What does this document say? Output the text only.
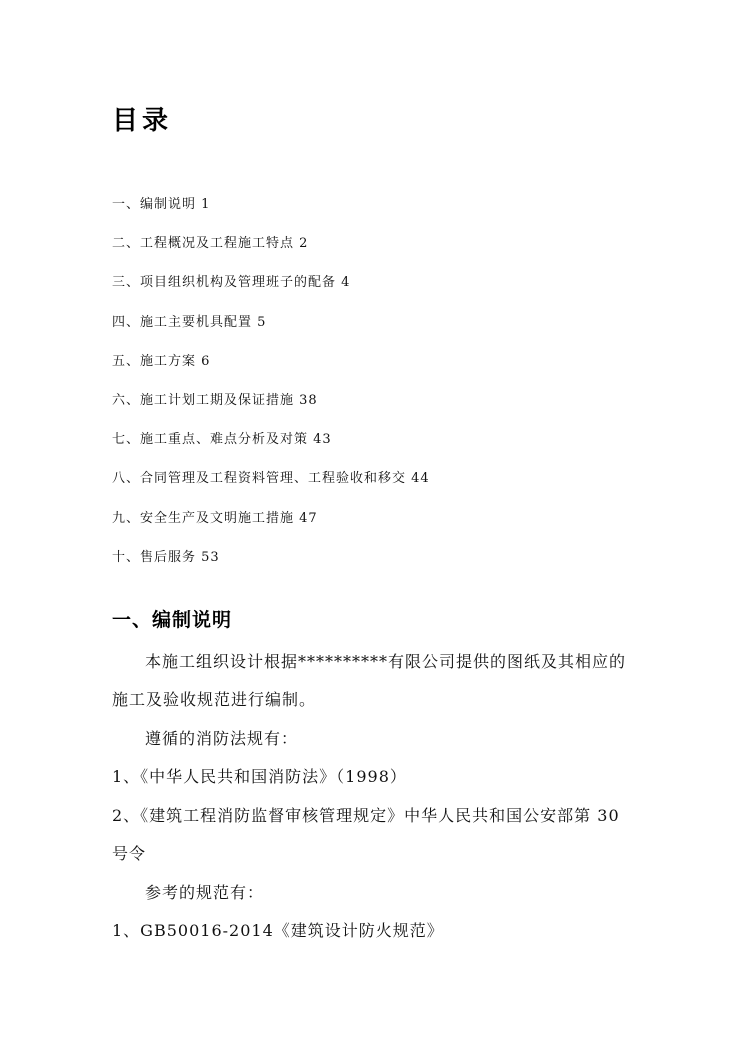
目录
一、编制说明 1
二、工程概况及工程施工特点 2
三、项目组织机构及管理班子的配备 4
四、施工主要机具配置 5
五、施工方案 6
六、施工计划工期及保证措施 38
七、施工重点、难点分析及对策 43
八、合同管理及工程资料管理、工程验收和移交 44
九、安全生产及文明施工措施 47
十、售后服务 53
一、编制说明
本施工组织设计根据**********有限公司提供的图纸及其相应的
施工及验收规范进行编制。
遵循的消防法规有：
1、《中华人民共和国消防法》（1998）
2、《建筑工程消防监督审核管理规定》中华人民共和国公安部第 30
号令
参考的规范有：
1、GB50016-2014《建筑设计防火规范》
